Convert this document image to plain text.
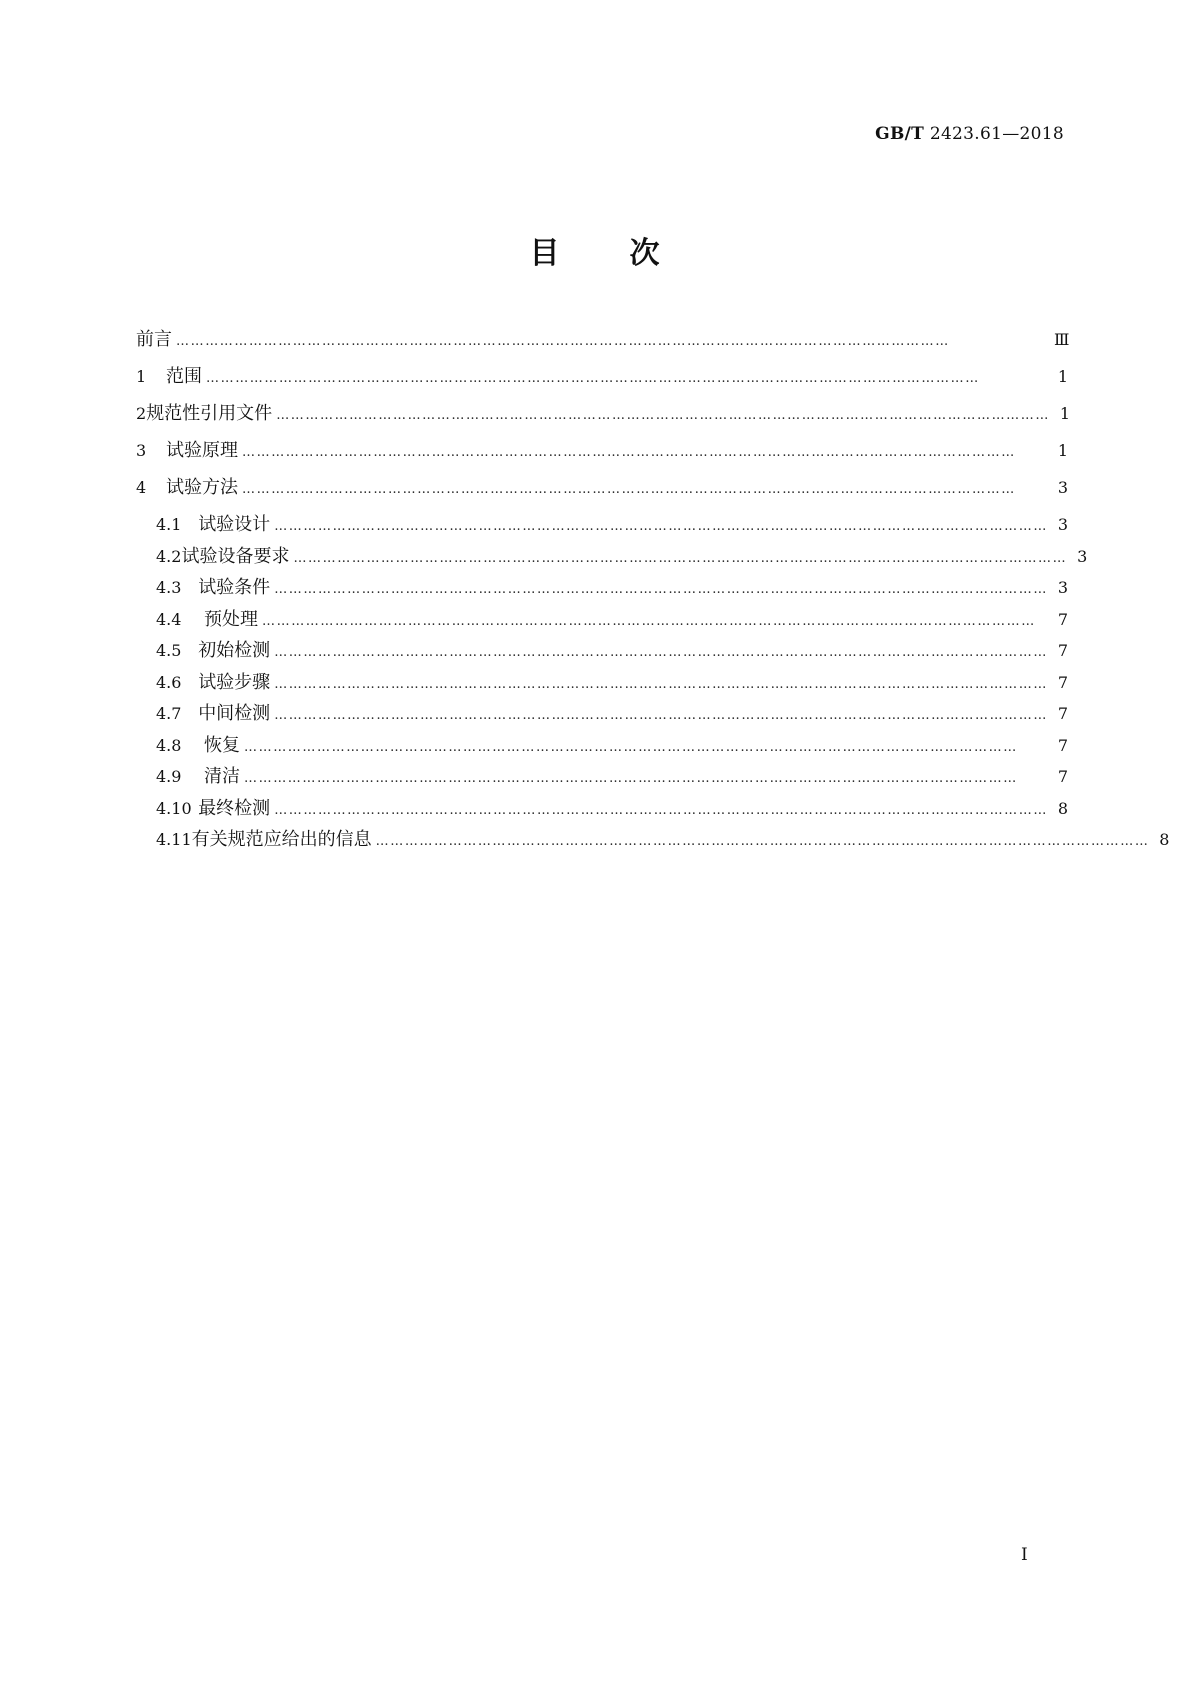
GB/T 2423.61—2018
目 次
前言 ……………………………………………………………………………………………………………………………………………	Ⅲ
1	范围 ……………………………………………………………………………………………………………………………………………	1
2 规范性引用文件 …………………………………………………………………………………………………………………………………………… 1
3	试验原理 ……………………………………………………………………………………………………………………………………………	1
4	试验方法 ……………………………………………………………………………………………………………………………………………	3
4.1 试验设计 …………………………………………………………………………………………………………………………………………… 3
4.2 试验设备要求 …………………………………………………………………………………………………………………………………………… 3
4.3 试验条件 …………………………………………………………………………………………………………………………………………… 3
4.4	预处理 ……………………………………………………………………………………………………………………………………………	7
4.5 初始检测 …………………………………………………………………………………………………………………………………………… 7
4.6 试验步骤 …………………………………………………………………………………………………………………………………………… 7
4.7 中间检测 …………………………………………………………………………………………………………………………………………… 7
4.8	恢复 ……………………………………………………………………………………………………………………………………………	7
4.9	清洁 ……………………………………………………………………………………………………………………………………………	7
4.10 最终检测 …………………………………………………………………………………………………………………………………………… 8
4.11 有关规范应给出的信息 …………………………………………………………………………………………………………………………………………… 8
Ⅰ
